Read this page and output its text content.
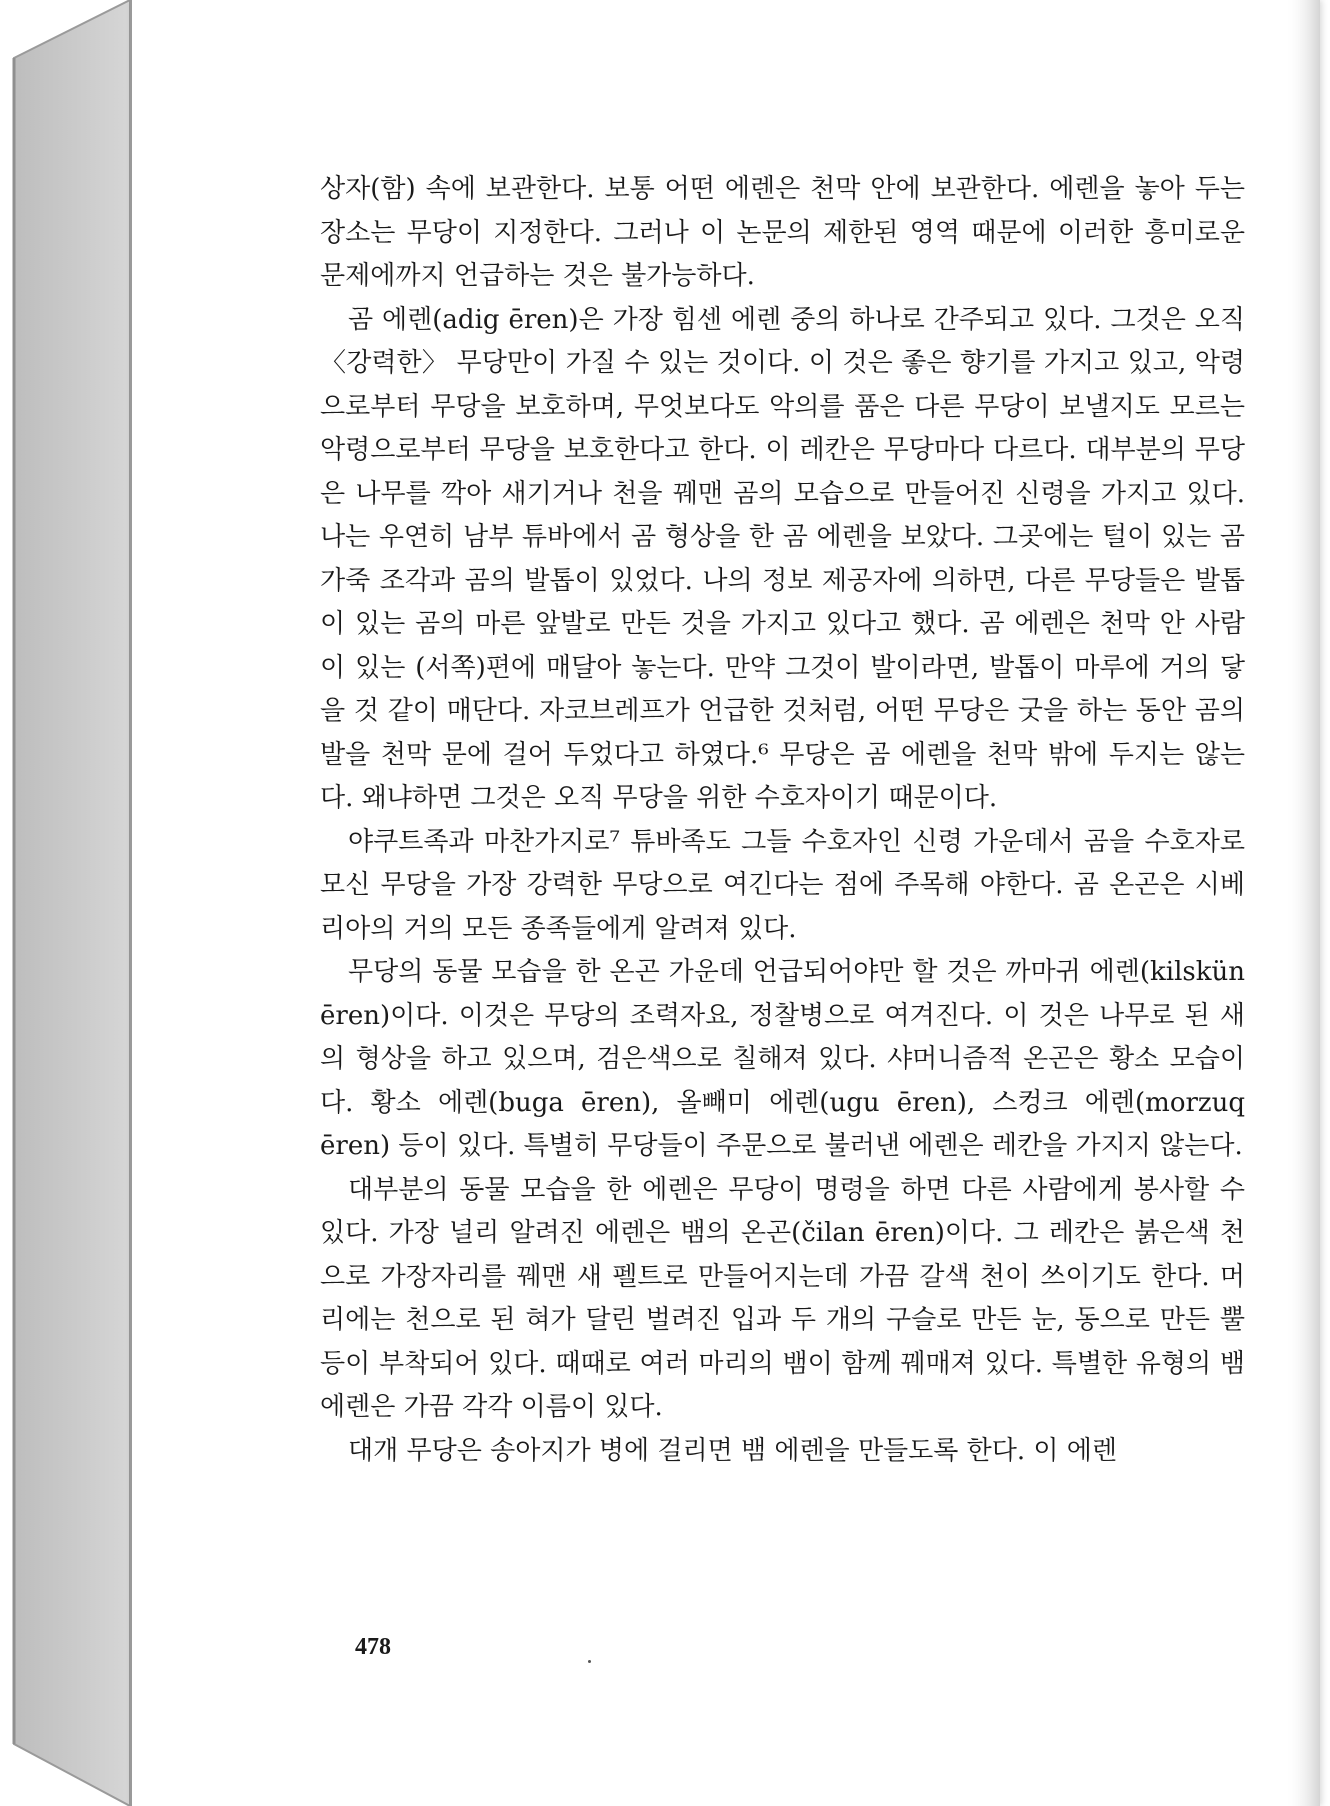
상자(함) 속에 보관한다. 보통 어떤 에렌은 천막 안에 보관한다. 에렌을 놓아 두는 장소는 무당이 지정한다. 그러나 이 논문의 제한된 영역 때문에 이러한 흥미로운 문제에까지 언급하는 것은 불가능하다.

곰 에렌(adig ēren)은 가장 힘센 에렌 중의 하나로 간주되고 있다. 그것은 오직 〈강력한〉 무당만이 가질 수 있는 것이다. 이 것은 좋은 향기를 가지고 있고, 악령으로부터 무당을 보호하며, 무엇보다도 악의를 품은 다른 무당이 보낼지도 모르는 악령으로부터 무당을 보호한다고 한다. 이 레칸은 무당마다 다르다. 대부분의 무당은 나무를 깍아 새기거나 천을 꿰맨 곰의 모습으로 만들어진 신령을 가지고 있다. 나는 우연히 남부 튜바에서 곰 형상을 한 곰 에렌을 보았다. 그곳에는 털이 있는 곰가죽 조각과 곰의 발톱이 있었다. 나의 정보 제공자에 의하면, 다른 무당들은 발톱이 있는 곰의 마른 앞발로 만든 것을 가지고 있다고 했다. 곰 에렌은 천막 안 사람이 있는 (서쪽)편에 매달아 놓는다. 만약 그것이 발이라면, 발톱이 마루에 거의 닿을 것 같이 매단다. 자코브레프가 언급한 것처럼, 어떤 무당은 굿을 하는 동안 곰의 발을 천막 문에 걸어 두었다고 하였다.⁶ 무당은 곰 에렌을 천막 밖에 두지는 않는다. 왜냐하면 그것은 오직 무당을 위한 수호자이기 때문이다.

야쿠트족과 마찬가지로⁷ 튜바족도 그들 수호자인 신령 가운데서 곰을 수호자로 모신 무당을 가장 강력한 무당으로 여긴다는 점에 주목해 야한다. 곰 온곤은 시베리아의 거의 모든 종족들에게 알려져 있다.

무당의 동물 모습을 한 온곤 가운데 언급되어야만 할 것은 까마귀 에렌(kilskün ēren)이다. 이것은 무당의 조력자요, 정찰병으로 여겨진다. 이 것은 나무로 된 새의 형상을 하고 있으며, 검은색으로 칠해져 있다. 샤머니즘적 온곤은 황소 모습이다. 황소 에렌(buga ēren), 올빼미 에렌(ugu ēren), 스컹크 에렌(morzuq ēren) 등이 있다. 특별히 무당들이 주문으로 불러낸 에렌은 레칸을 가지지 않는다.

대부분의 동물 모습을 한 에렌은 무당이 명령을 하면 다른 사람에게 봉사할 수 있다. 가장 널리 알려진 에렌은 뱀의 온곤(čilan ēren)이다. 그 레칸은 붉은색 천으로 가장자리를 꿰맨 새 펠트로 만들어지는데 가끔 갈색 천이 쓰이기도 한다. 머리에는 천으로 된 혀가 달린 벌려진 입과 두 개의 구슬로 만든 눈, 동으로 만든 뿔 등이 부착되어 있다. 때때로 여러 마리의 뱀이 함께 꿰매져 있다. 특별한 유형의 뱀 에렌은 가끔 각각 이름이 있다.

대개 무당은 송아지가 병에 걸리면 뱀 에렌을 만들도록 한다. 이 에렌

478
